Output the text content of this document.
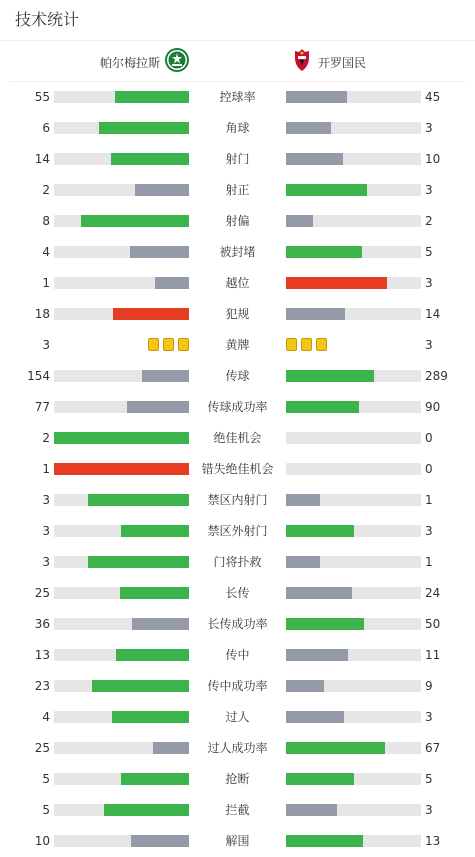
技术统计
帕尔梅拉斯	开罗国民
55	控球率	45
6	角球	3
14	射门	10
2	射正	3
8	射偏	2
4	被封堵	5
1	越位	3
18	犯规	14
3	黄牌	3
154	传球	289
77	传球成功率	90
2	绝佳机会	0
1	错失绝佳机会	0
3	禁区内射门	1
3	禁区外射门	3
3	门将扑救	1
25	长传	24
36	长传成功率	50
13	传中	11
23	传中成功率	9
4	过人	3
25	过人成功率	67
5	抢断	5
5	拦截	3
10	解围	13
